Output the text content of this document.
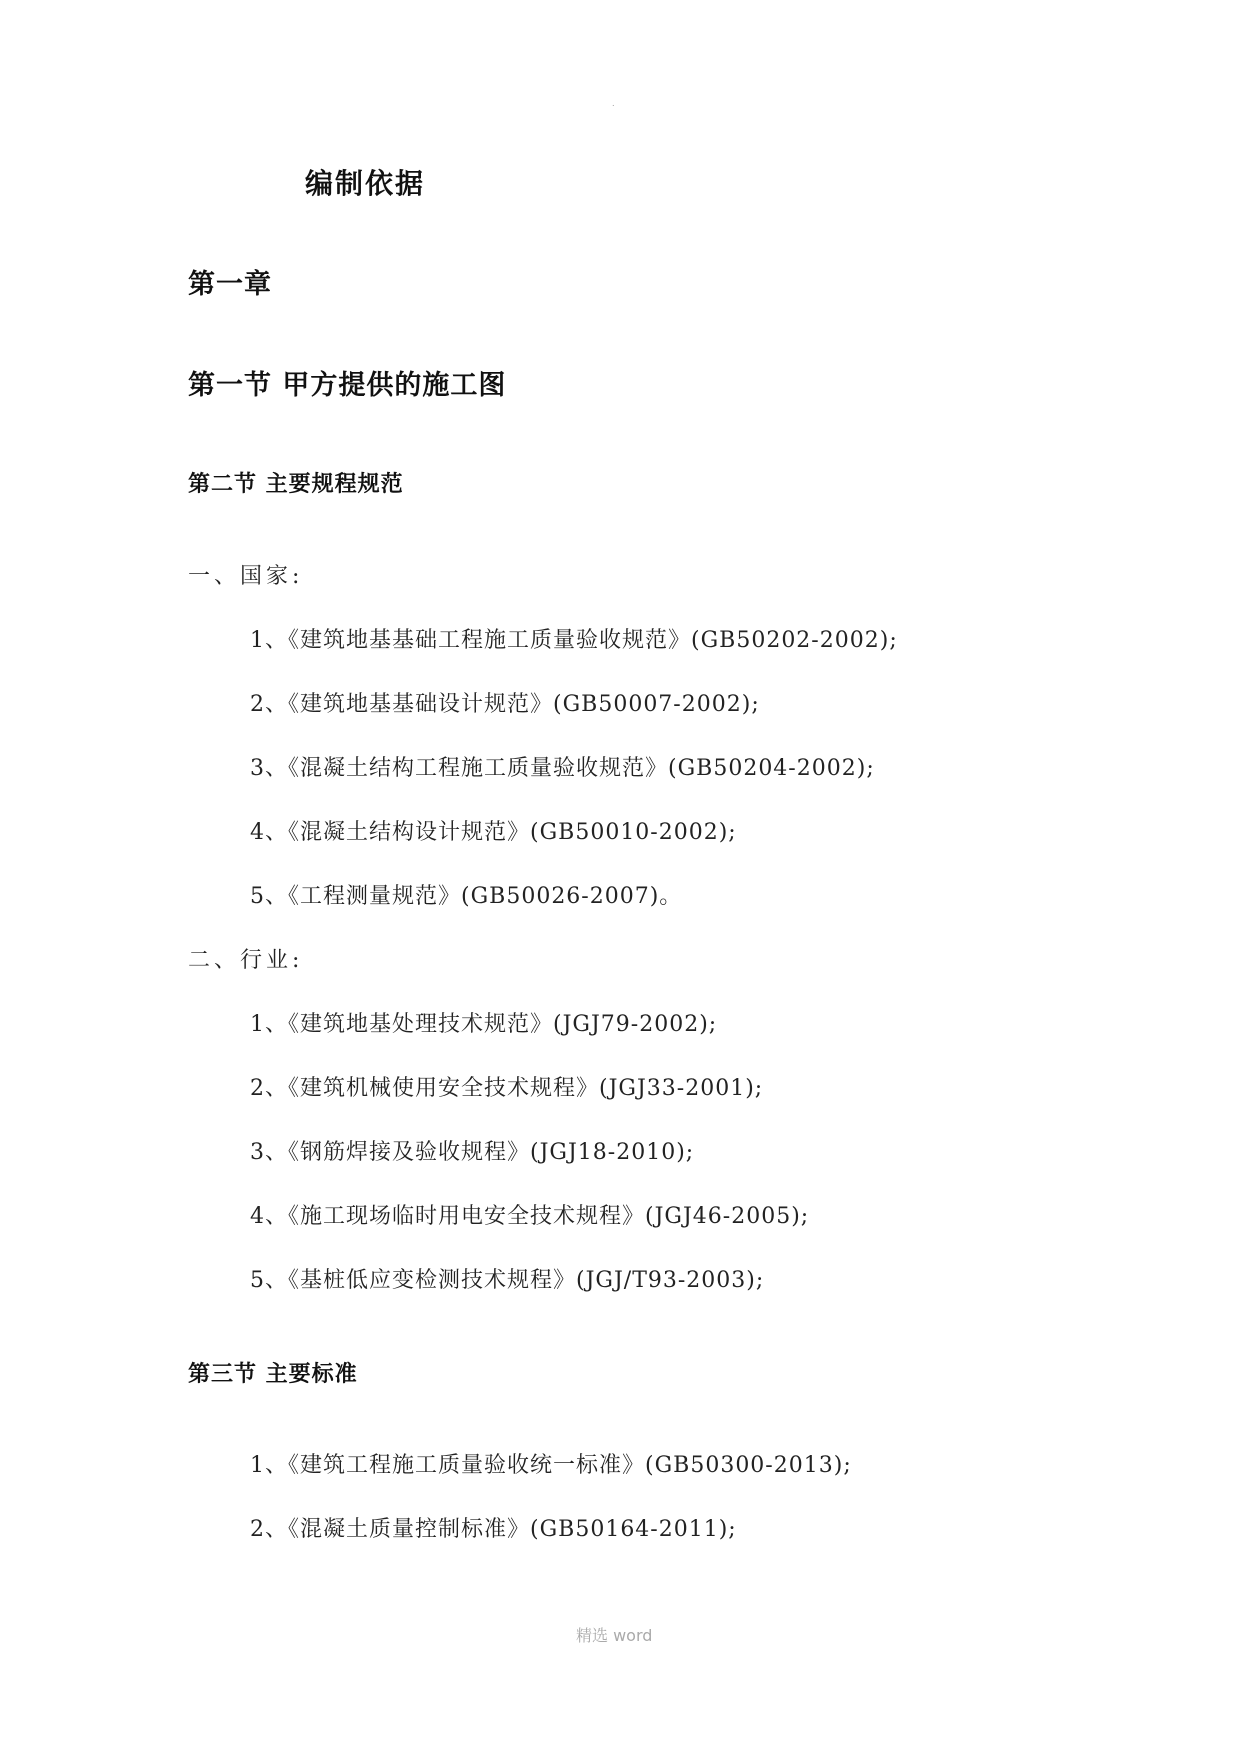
.
编制依据
第一章
第一节 甲方提供的施工图
第二节 主要规程规范
一、国家:
1、《建筑地基基础工程施工质量验收规范》(GB50202-2002);
2、《建筑地基基础设计规范》(GB50007-2002);
3、《混凝土结构工程施工质量验收规范》(GB50204-2002);
4、《混凝土结构设计规范》(GB50010-2002);
5、《工程测量规范》(GB50026-2007)。
二、行业:
1、《建筑地基处理技术规范》(JGJ79-2002);
2、《建筑机械使用安全技术规程》(JGJ33-2001);
3、《钢筋焊接及验收规程》(JGJ18-2010);
4、《施工现场临时用电安全技术规程》(JGJ46-2005);
5、《基桩低应变检测技术规程》(JGJ/T93-2003);
第三节 主要标准
1、《建筑工程施工质量验收统一标准》(GB50300-2013);
2、《混凝土质量控制标准》(GB50164-2011);
精选 word
